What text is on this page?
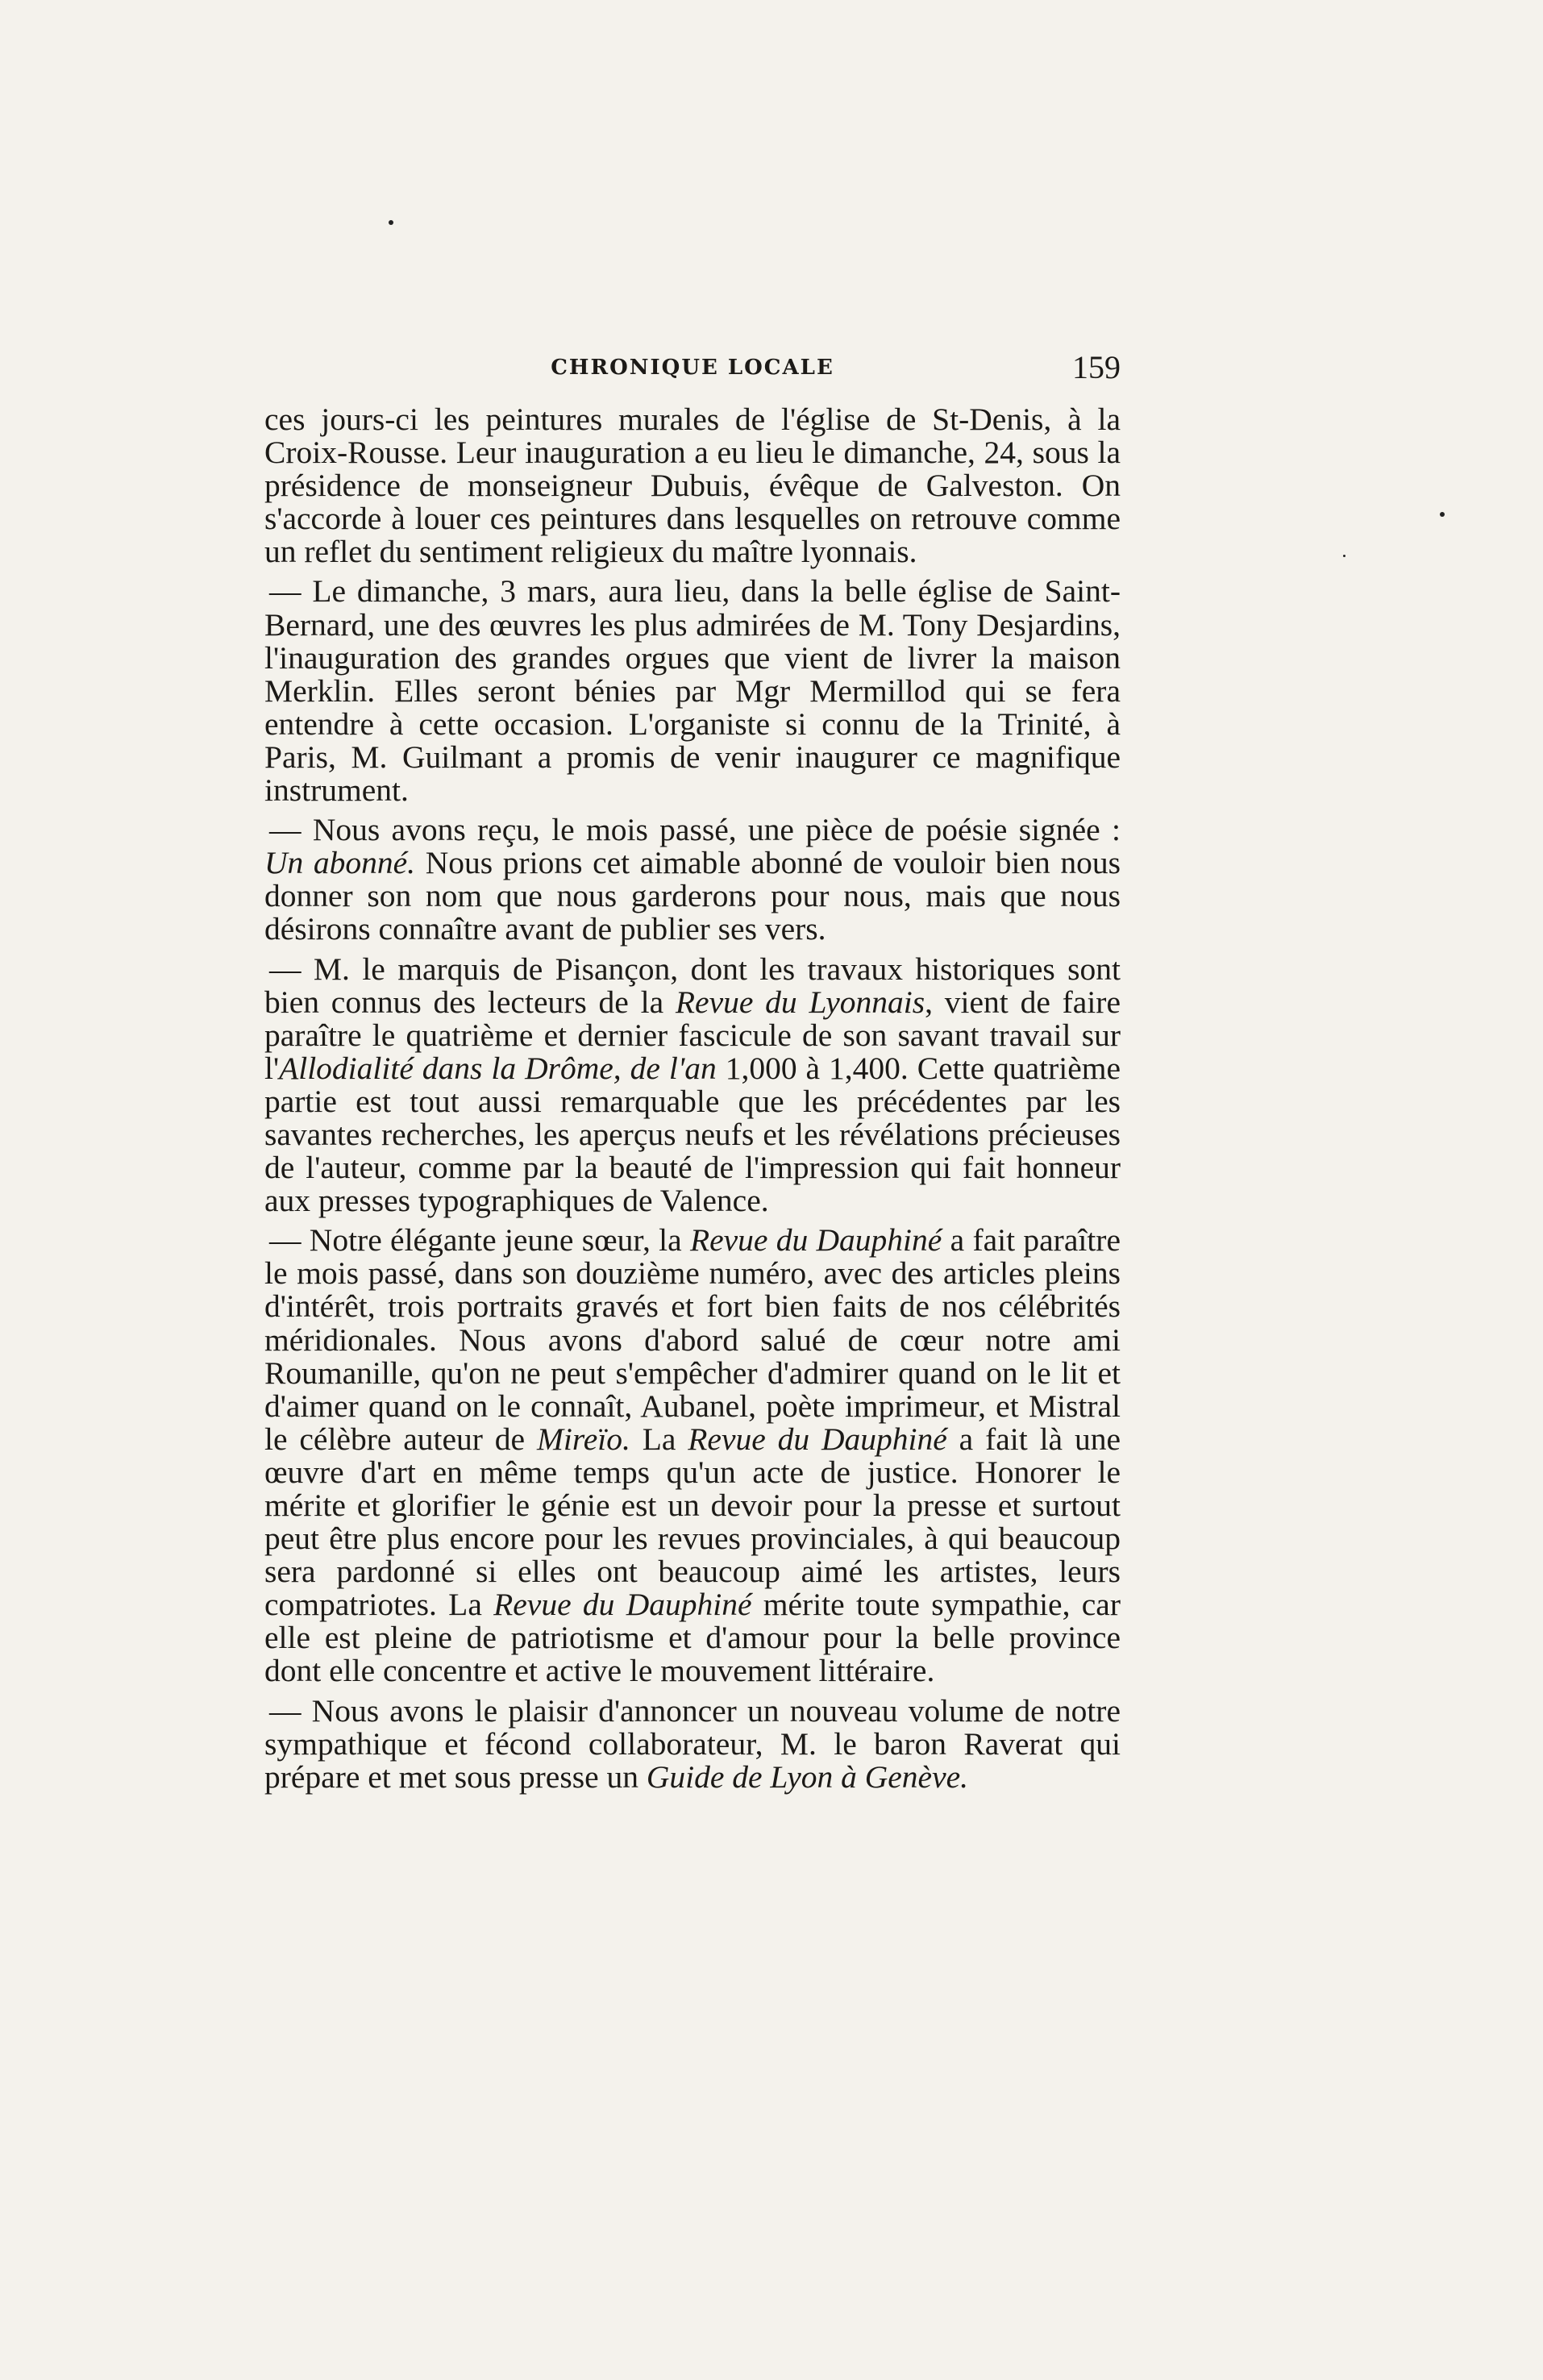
CHRONIQUE LOCALE	159

ces jours-ci les peintures murales de l'église de St-Denis, à la Croix-Rousse. Leur inauguration a eu lieu le dimanche, 24, sous la présidence de monseigneur Dubuis, évêque de Galveston. On s'accorde à louer ces peintures dans lesquelles on retrouve comme un reflet du sentiment religieux du maître lyonnais.

— Le dimanche, 3 mars, aura lieu, dans la belle église de Saint-Bernard, une des œuvres les plus admirées de M. Tony Desjardins, l'inauguration des grandes orgues que vient de livrer la maison Merklin. Elles seront bénies par Mgr Mermillod qui se fera entendre à cette occasion. L'organiste si connu de la Trinité, à Paris, M. Guilmant a promis de venir inaugurer ce magnifique instrument.

— Nous avons reçu, le mois passé, une pièce de poésie signée : Un abonné. Nous prions cet aimable abonné de vouloir bien nous donner son nom que nous garderons pour nous, mais que nous désirons connaître avant de publier ses vers.

— M. le marquis de Pisançon, dont les travaux historiques sont bien connus des lecteurs de la Revue du Lyonnais, vient de faire paraître le quatrième et dernier fascicule de son savant travail sur l'Allodialité dans la Drôme, de l'an 1,000 à 1,400. Cette quatrième partie est tout aussi remarquable que les précédentes par les savantes recherches, les aperçus neufs et les révélations précieuses de l'auteur, comme par la beauté de l'impression qui fait honneur aux presses typographiques de Valence.

— Notre élégante jeune sœur, la Revue du Dauphiné a fait paraître le mois passé, dans son douzième numéro, avec des articles pleins d'intérêt, trois portraits gravés et fort bien faits de nos célébrités méridionales. Nous avons d'abord salué de cœur notre ami Roumanille, qu'on ne peut s'empêcher d'admirer quand on le lit et d'aimer quand on le connaît, Aubanel, poète imprimeur, et Mistral le célèbre auteur de Mireïo. La Revue du Dauphiné a fait là une œuvre d'art en même temps qu'un acte de justice. Honorer le mérite et glorifier le génie est un devoir pour la presse et surtout peut être plus encore pour les revues provinciales, à qui beaucoup sera pardonné si elles ont beaucoup aimé les artistes, leurs compatriotes. La Revue du Dauphiné mérite toute sympathie, car elle est pleine de patriotisme et d'amour pour la belle province dont elle concentre et active le mouvement littéraire.

— Nous avons le plaisir d'annoncer un nouveau volume de notre sympathique et fécond collaborateur, M. le baron Raverat qui prépare et met sous presse un Guide de Lyon à Genève.
